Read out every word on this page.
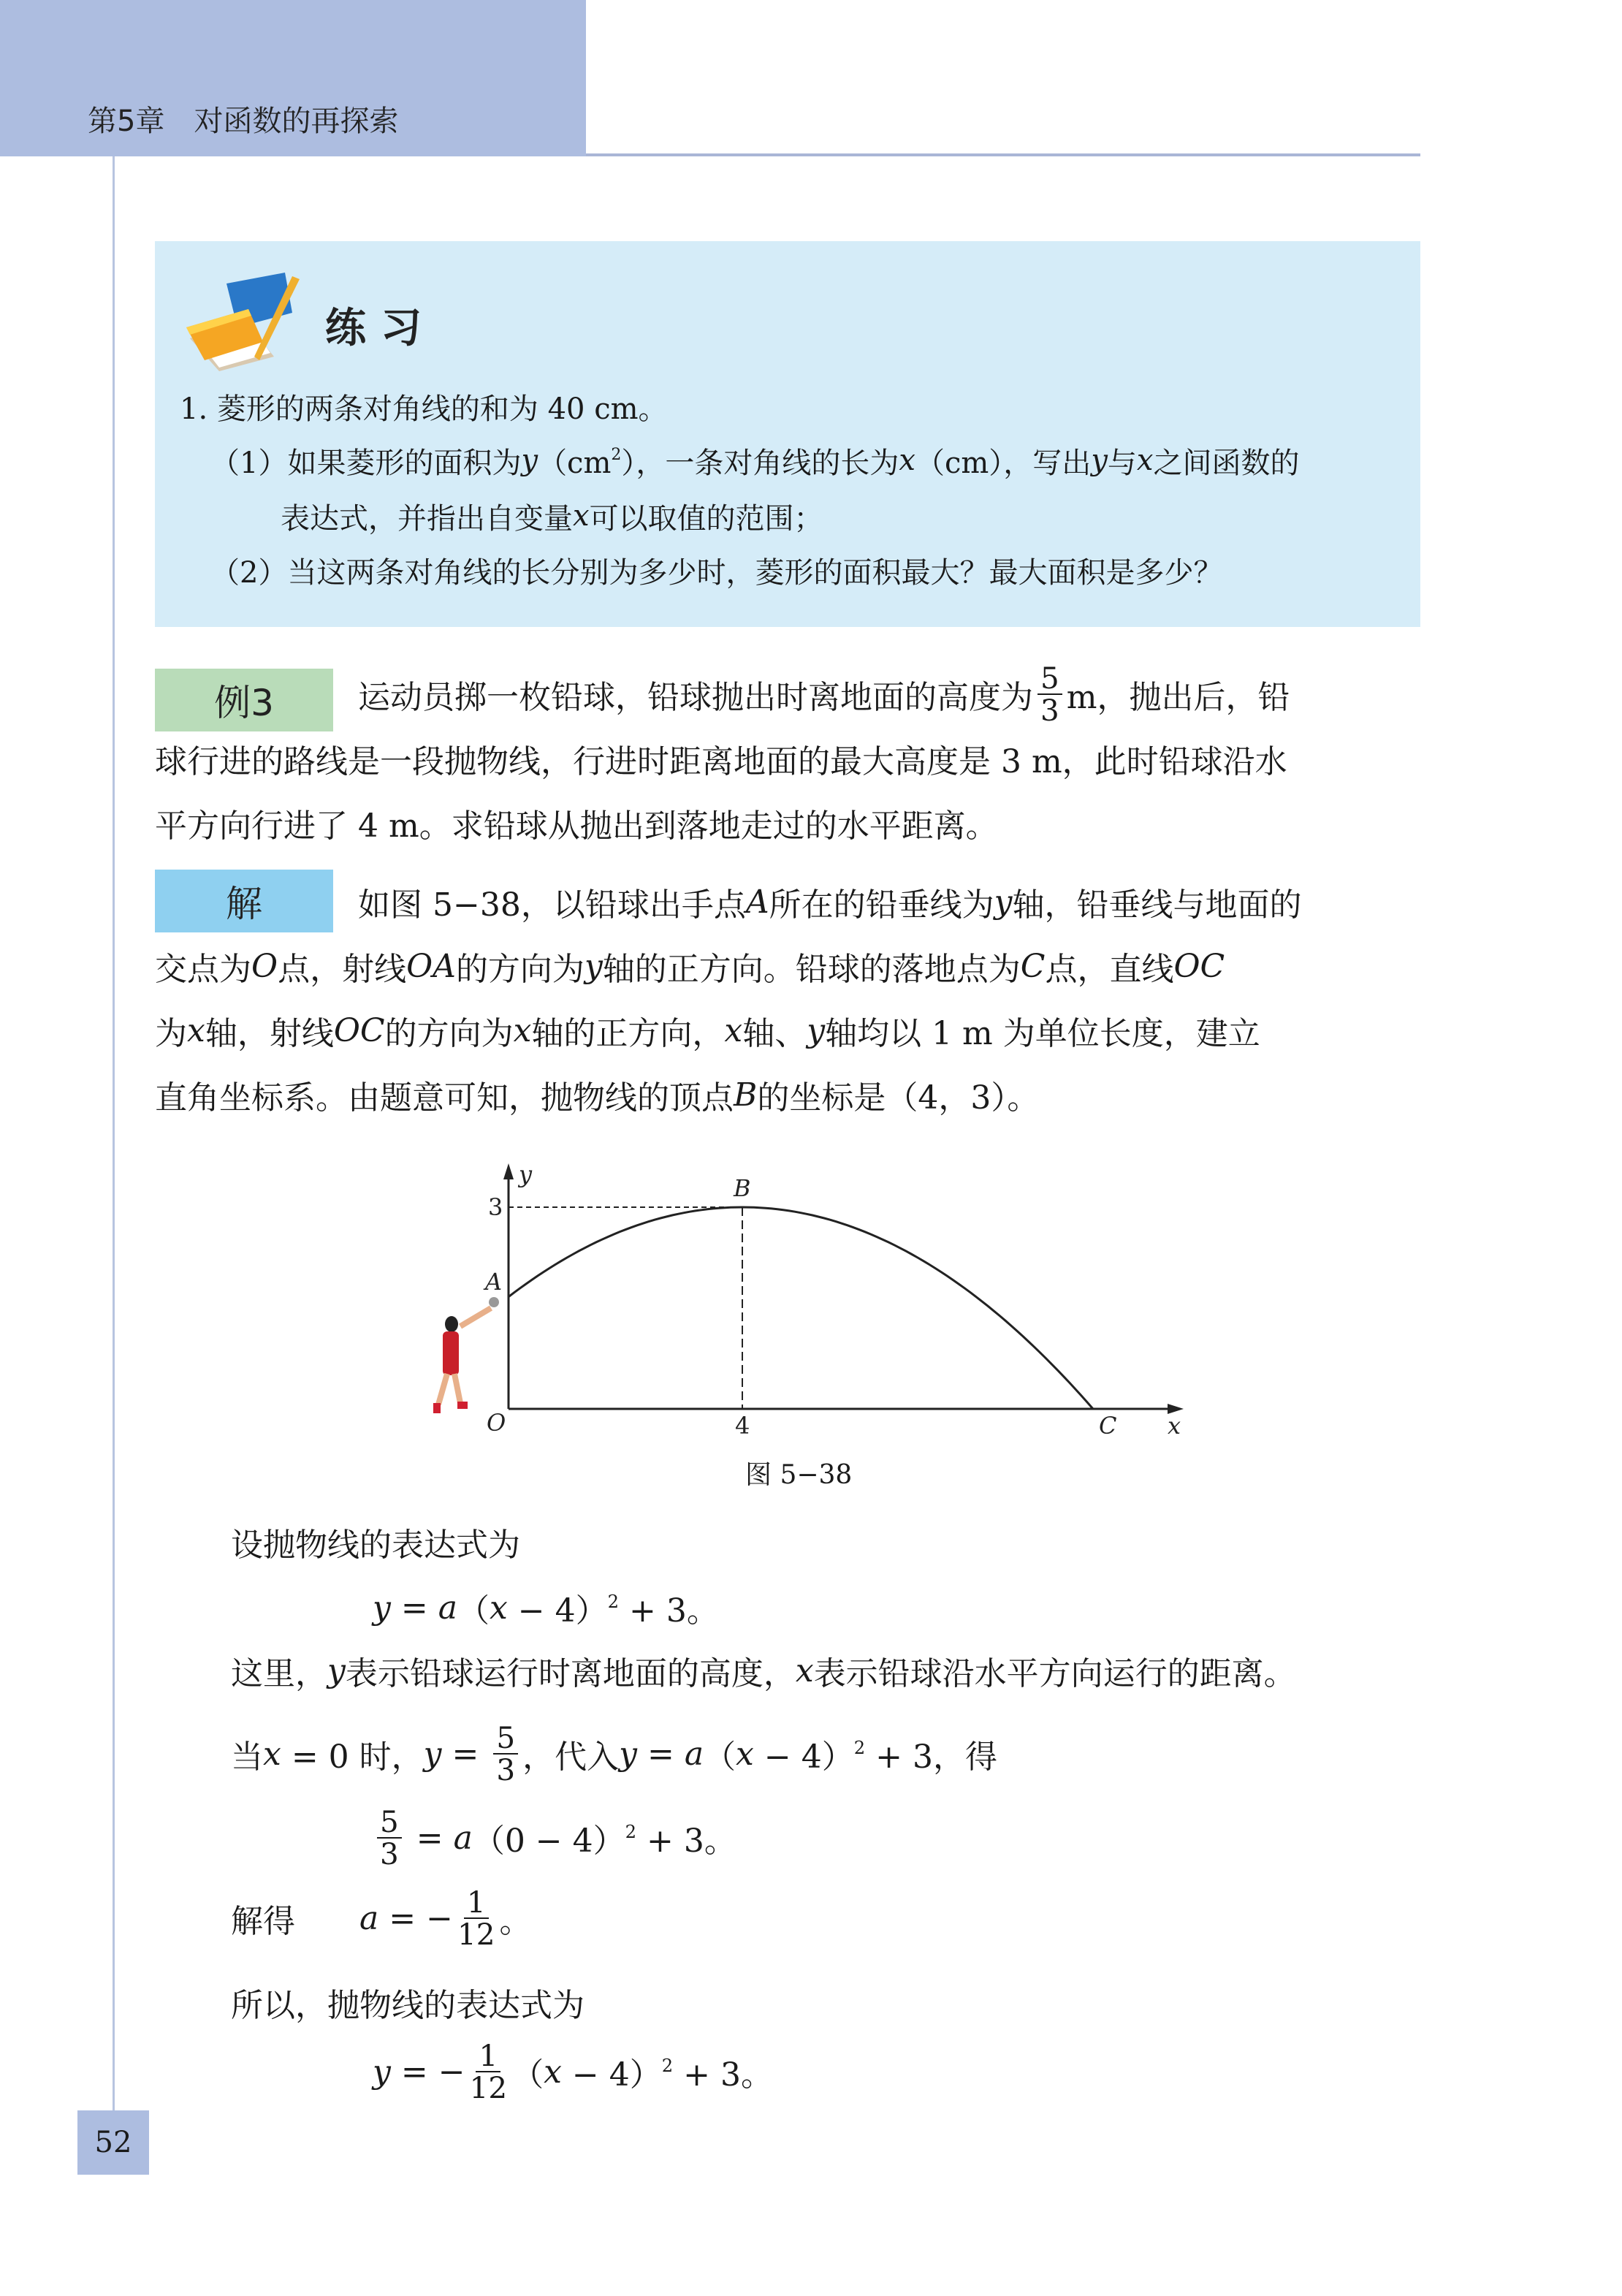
第5章　对函数的再探索
练习
1. 菱形的两条对角线的和为 40 cm。
（1）如果菱形的面积为 y （cm 2 ），一条对角线的长为 x （cm），写出 y 与 x 之间函数的
表达式，并指出自变量 x 可以取值的范围；
（2）当这两条对角线的长分别为多少时，菱形的面积最大？最大面积是多少？
例3	运动员掷一枚铅球，铅球抛出时离地面的高度为 $\frac{5}{3}$ m，抛出后，铅
球行进的路线是一段抛物线，行进时距离地面的最大高度是 3 m，此时铅球沿水
平方向行进了 4 m。求铅球从抛出到落地走过的水平距离。
解	如图 5−38，以铅球出手点 A 所在的铅垂线为 y 轴，铅垂线与地面的
交点为 O 点，射线 OA 的方向为 y 轴的正方向。铅球的落地点为 C 点，直线 OC
为 x 轴，射线 OC 的方向为 x 轴的正方向， x 轴、 y 轴均以 1 m 为单位长度，建立
直角坐标系。由题意可知，抛物线的顶点 B 的坐标是（4，3）。
设抛物线的表达式为
y = a （ x − 4） 2 + 3。
这里， y 表示铅球运行时离地面的高度， x 表示铅球沿水平方向运行的距离。
当 x = 0 时， $y = \frac{5}{3}$ ，代入 y = a （ x − 4） 2 + 3，得
$\frac{5}{3} = a$ （0 − 4） 2 + 3。
解得　　 a = − $\frac{1}{12}$ 。
所以，抛物线的表达式为
y = − $\frac{1}{12}$ （ x − 4） 2 + 3。
y
x
O
A
B
C
3
4
图 5−38
52
